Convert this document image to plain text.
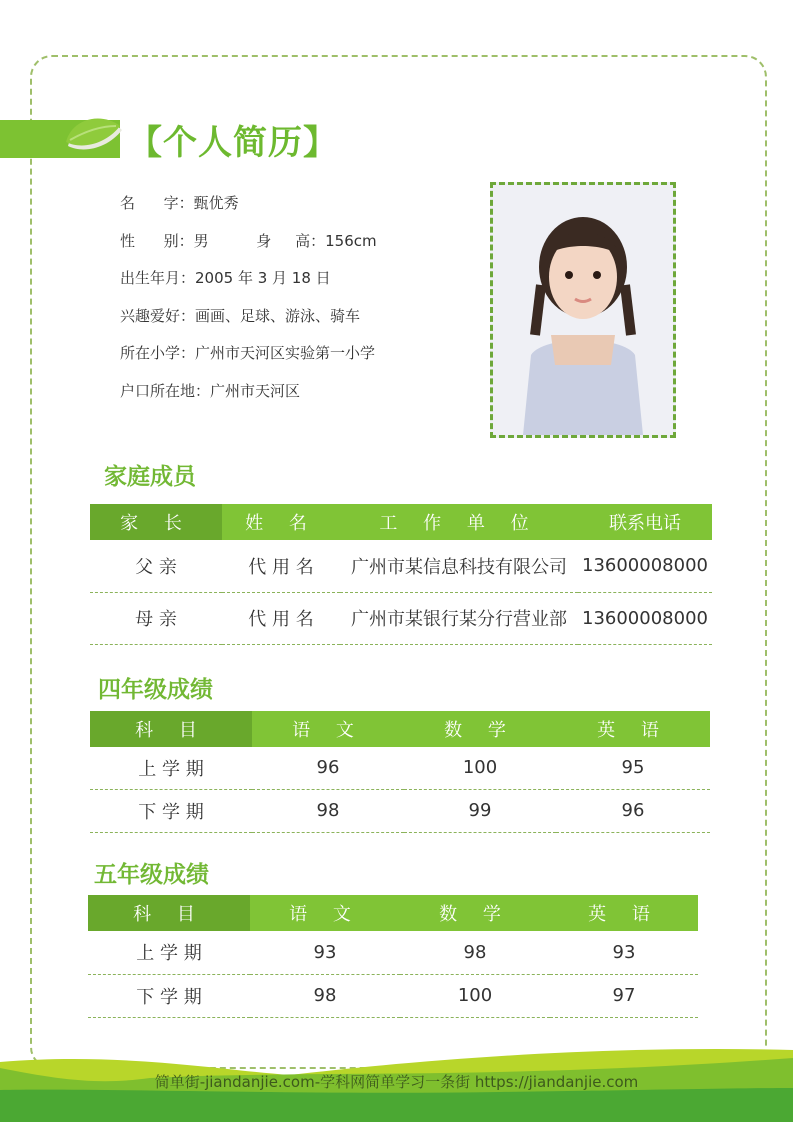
【个人简历】
名      字：甄优秀
性      别：男          身     高：156cm
出生年月：2005 年 3 月 18 日
兴趣爱好：画画、足球、游泳、骑车
所在小学：广州市天河区实验第一小学
户口所在地：广州市天河区
家庭成员
家 长	姓 名	工 作 单 位	联系电话
父 亲	代 用 名	广州市某信息科技有限公司	13600008000
母 亲	代 用 名	广州市某银行某分行营业部	13600008000
四年级成绩
科 目	语 文	数 学	英 语
上 学 期	96	100	95
下 学 期	98	99	96
五年级成绩
科 目	语 文	数 学	英 语
上 学 期	93	98	93
下 学 期	98	100	97
简单街-jiandanjie.com-学科网简单学习一条街 https://jiandanjie.com
